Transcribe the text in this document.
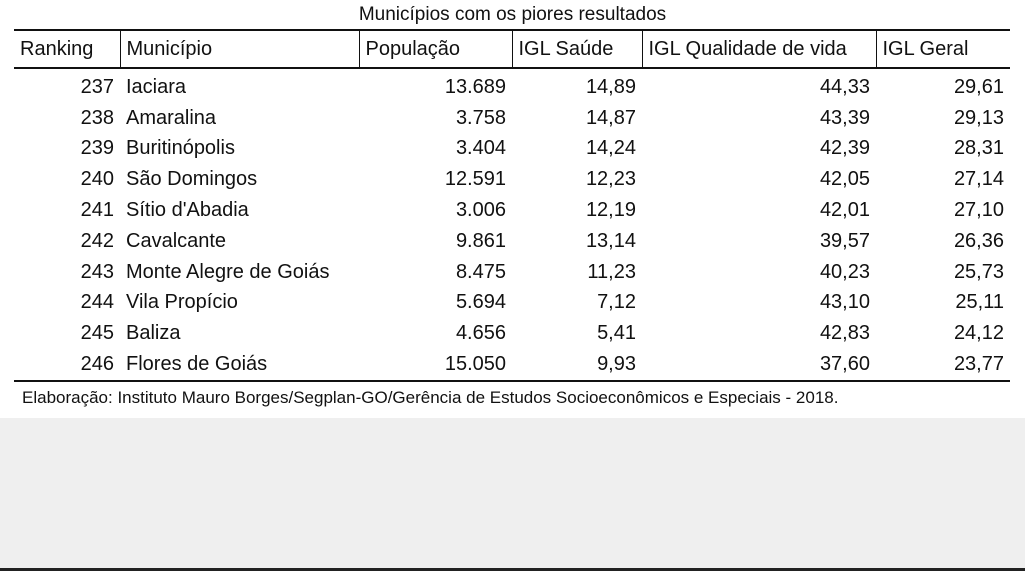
Municípios com os piores resultados
Ranking	Município	População	IGL Saúde	IGL Qualidade de vida	IGL Geral
237	Iaciara	13.689	14,89	44,33	29,61
238	Amaralina	3.758	14,87	43,39	29,13
239	Buritinópolis	3.404	14,24	42,39	28,31
240	São Domingos	12.591	12,23	42,05	27,14
241	Sítio d'Abadia	3.006	12,19	42,01	27,10
242	Cavalcante	9.861	13,14	39,57	26,36
243	Monte Alegre de Goiás	8.475	11,23	40,23	25,73
244	Vila Propício	5.694	7,12	43,10	25,11
245	Baliza	4.656	5,41	42,83	24,12
246	Flores de Goiás	15.050	9,93	37,60	23,77
Elaboração: Instituto Mauro Borges/Segplan-GO/Gerência de Estudos Socioeconômicos e Especiais - 2018.
